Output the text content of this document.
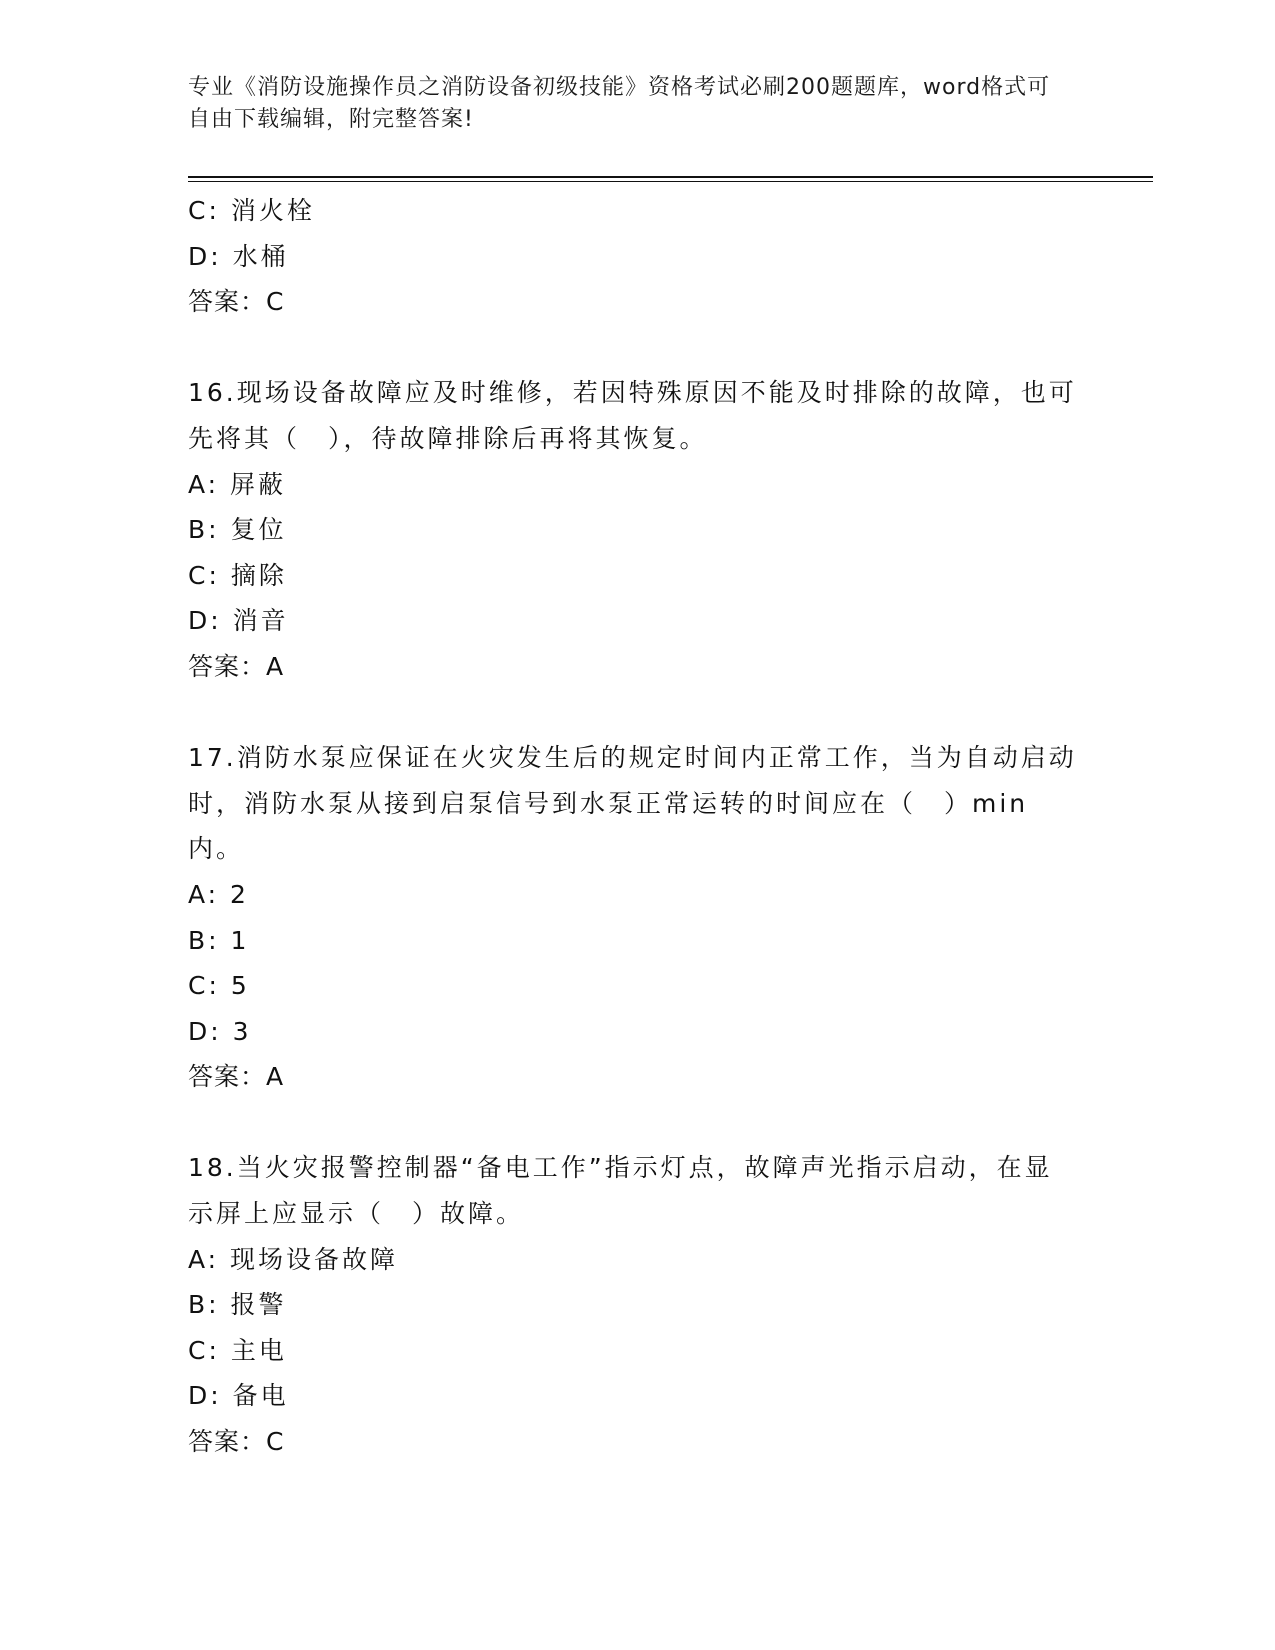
专业《消防设施操作员之消防设备初级技能》资格考试必刷200题题库，word格式可自由下载编辑，附完整答案!

C: 消火栓

D: 水桶

答案：C

16.现场设备故障应及时维修，若因特殊原因不能及时排除的故障，也可先将其（　），待故障排除后再将其恢复。

A: 屏蔽

B: 复位

C: 摘除

D: 消音

答案：A

17.消防水泵应保证在火灾发生后的规定时间内正常工作，当为自动启动时，消防水泵从接到启泵信号到水泵正常运转的时间应在（　）min内。

A: 2

B: 1

C: 5

D: 3

答案：A

18.当火灾报警控制器“备电工作”指示灯点，故障声光指示启动，在显示屏上应显示（　）故障。

A: 现场设备故障

B: 报警

C: 主电

D: 备电

答案：C
